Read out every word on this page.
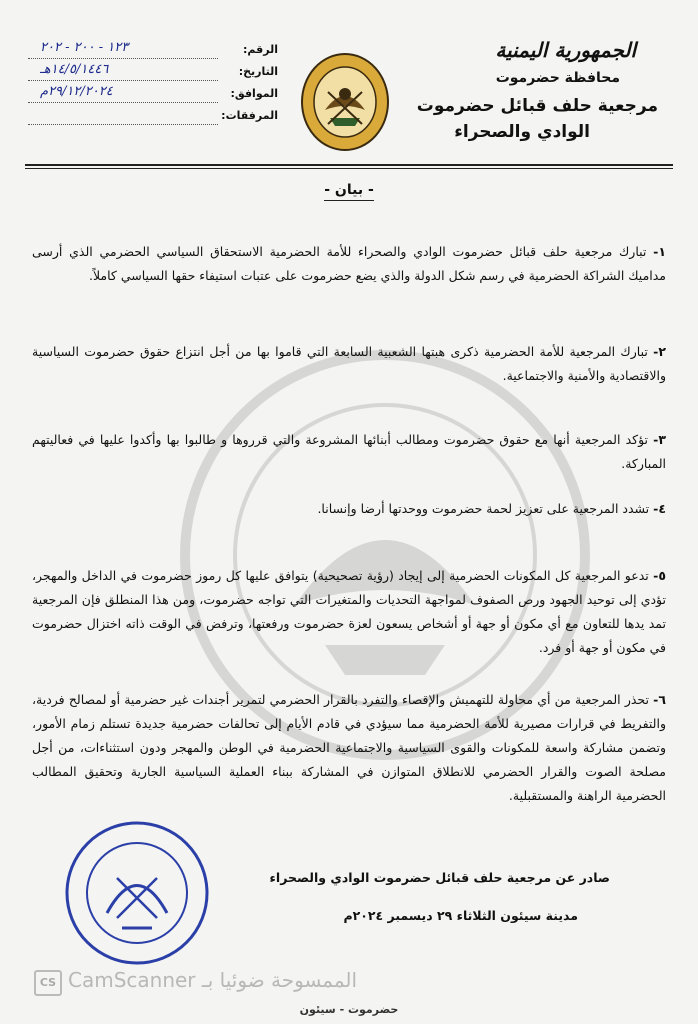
الجمهورية اليمنية
محافظة حضرموت
مرجعية حلف قبائل حضرموت
الوادي والصحراء
الرقم:
١٢٣ - ٢٠٠ - ٢٠٢
التاريخ:
١٤/٥/١٤٤٦هـ
الموافق:
٢٩/١٢/٢٠٢٤م
المرفقات:
- بيان -
١- تبارك مرجعية حلف قبائل حضرموت الوادي والصحراء للأمة الحضرمية الاستحقاق السياسي الحضرمي الذي أرسى مداميك الشراكة الحضرمية في رسم شكل الدولة والذي يضع حضرموت على عتبات استيفاء حقها السياسي كاملاً.
٢- تبارك المرجعية للأمة الحضرمية ذكرى هبتها الشعبية السابعة التي قاموا بها من أجل انتزاع حقوق حضرموت السياسية والاقتصادية والأمنية والاجتماعية.
٣- تؤكد المرجعية أنها مع حقوق حضرموت ومطالب أبنائها المشروعة والتي قرروها و طالبوا بها وأكدوا عليها في فعاليتهم المباركة.
٤- تشدد المرجعية على تعزيز لحمة حضرموت ووحدتها أرضا وإنسانا.
٥- تدعو المرجعية كل المكونات الحضرمية إلى إيجاد (رؤية تصحيحية) يتوافق عليها كل رموز حضرموت في الداخل والمهجر، تؤدي إلى توحيد الجهود ورص الصفوف لمواجهة التحديات والمتغيرات التي تواجه حضرموت، ومن هذا المنطلق فإن المرجعية تمد يدها للتعاون مع أي مكون أو جهة أو أشخاص يسعون لعزة حضرموت ورفعتها، وترفض في الوقت ذاته اختزال حضرموت في مكون أو جهة أو فرد.
٦- تحذر المرجعية من أي محاولة للتهميش والإقصاء والتفرد بالقرار الحضرمي لتمرير أجندات غير حضرمية أو لمصالح فردية، والتفريط في قرارات مصيرية للأمة الحضرمية مما سيؤدي في قادم الأيام إلى تحالفات حضرمية جديدة تستلم زمام الأمور، وتضمن مشاركة واسعة للمكونات والقوى السياسية والاجتماعية الحضرمية في الوطن والمهجر ودون استثناءات، من أجل مصلحة الصوت والقرار الحضرمي للانطلاق المتوازن في المشاركة ببناء العملية السياسية الجارية وتحقيق المطالب الحضرمية الراهنة والمستقبلية.
صادر عن مرجعية حلف قبائل حضرموت الوادي والصحراء
مدينة سيئون الثلاثاء ٢٩ ديسمبر ٢٠٢٤م
CS الممسوحة ضوئيا بـ CamScanner
حضرموت - سيئون
